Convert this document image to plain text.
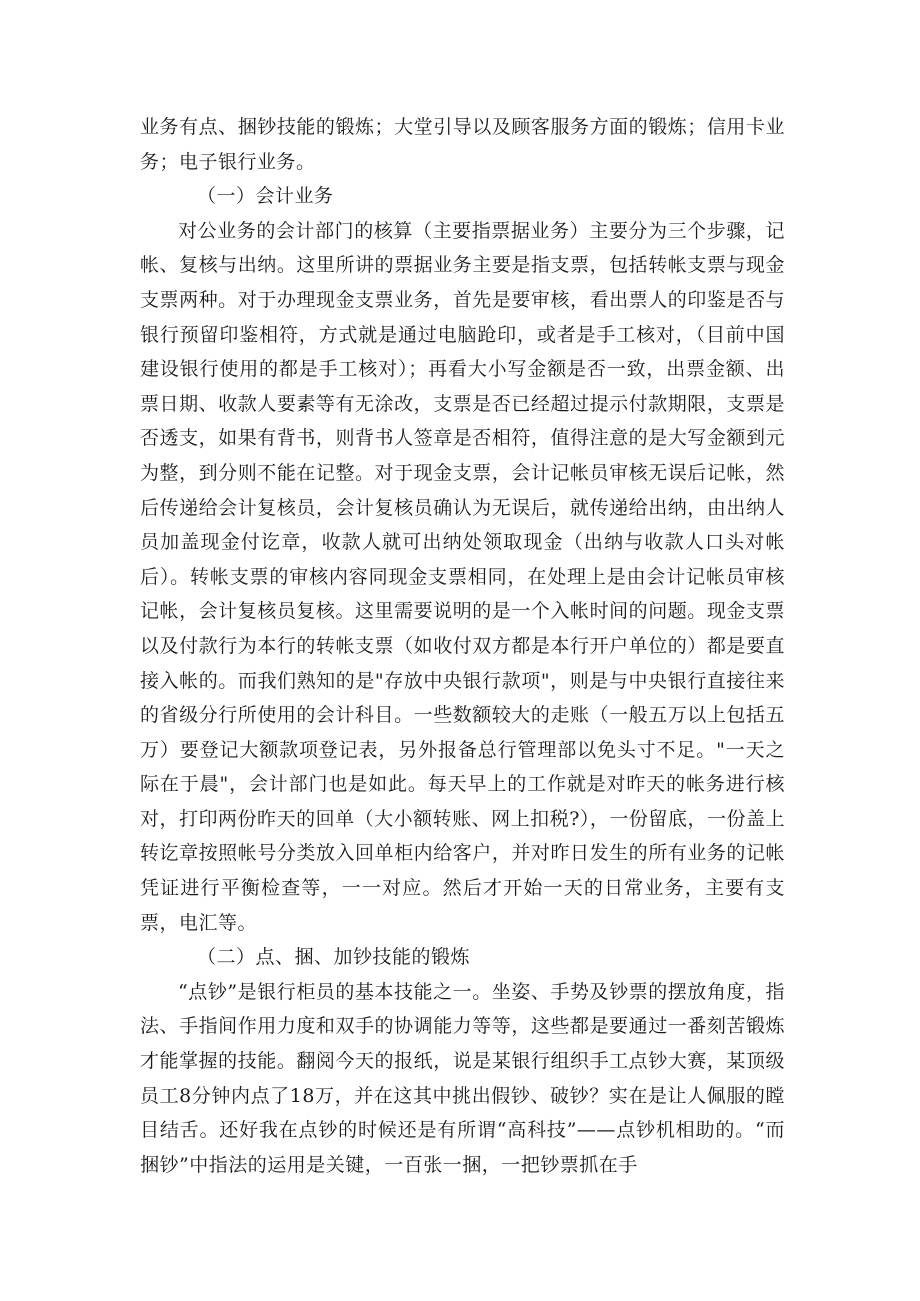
业务有点、捆钞技能的锻炼；大堂引导以及顾客服务方面的锻炼；信用卡业务；电子银行业务。

（一）会计业务

对公业务的会计部门的核算（主要指票据业务）主要分为三个步骤，记帐、复核与出纳。这里所讲的票据业务主要是指支票，包括转帐支票与现金支票两种。对于办理现金支票业务，首先是要审核，看出票人的印鉴是否与银行预留印鉴相符，方式就是通过电脑跄印，或者是手工核对，（目前中国建设银行使用的都是手工核对）；再看大小写金额是否一致，出票金额、出票日期、收款人要素等有无涂改，支票是否已经超过提示付款期限，支票是否透支，如果有背书，则背书人签章是否相符，值得注意的是大写金额到元为整，到分则不能在记整。对于现金支票，会计记帐员审核无误后记帐，然后传递给会计复核员，会计复核员确认为无误后，就传递给出纳，由出纳人员加盖现金付讫章，收款人就可出纳处领取现金（出纳与收款人口头对帐后）。转帐支票的审核内容同现金支票相同，在处理上是由会计记帐员审核记帐，会计复核员复核。这里需要说明的是一个入帐时间的问题。现金支票以及付款行为本行的转帐支票（如收付双方都是本行开户单位的）都是要直接入帐的。而我们熟知的是"存放中央银行款项"，则是与中央银行直接往来的省级分行所使用的会计科目。一些数额较大的走账（一般五万以上包括五万）要登记大额款项登记表，另外报备总行管理部以免头寸不足。"一天之际在于晨"，会计部门也是如此。每天早上的工作就是对昨天的帐务进行核对，打印两份昨天的回单（大小额转账、网上扣税?），一份留底，一份盖上转讫章按照帐号分类放入回单柜内给客户，并对昨日发生的所有业务的记帐凭证进行平衡检查等，一一对应。然后才开始一天的日常业务，主要有支票，电汇等。

（二）点、捆、加钞技能的锻炼

“点钞”是银行柜员的基本技能之一。坐姿、手势及钞票的摆放角度，指法、手指间作用力度和双手的协调能力等等，这些都是要通过一番刻苦锻炼才能掌握的技能。翻阅今天的报纸，说是某银行组织手工点钞大赛，某顶级员工8分钟内点了18万，并在这其中挑出假钞、破钞？实在是让人佩服的瞠目结舌。还好我在点钞的时候还是有所谓“高科技”——点钞机相助的。“而捆钞”中指法的运用是关键，一百张一捆，一把钞票抓在手
